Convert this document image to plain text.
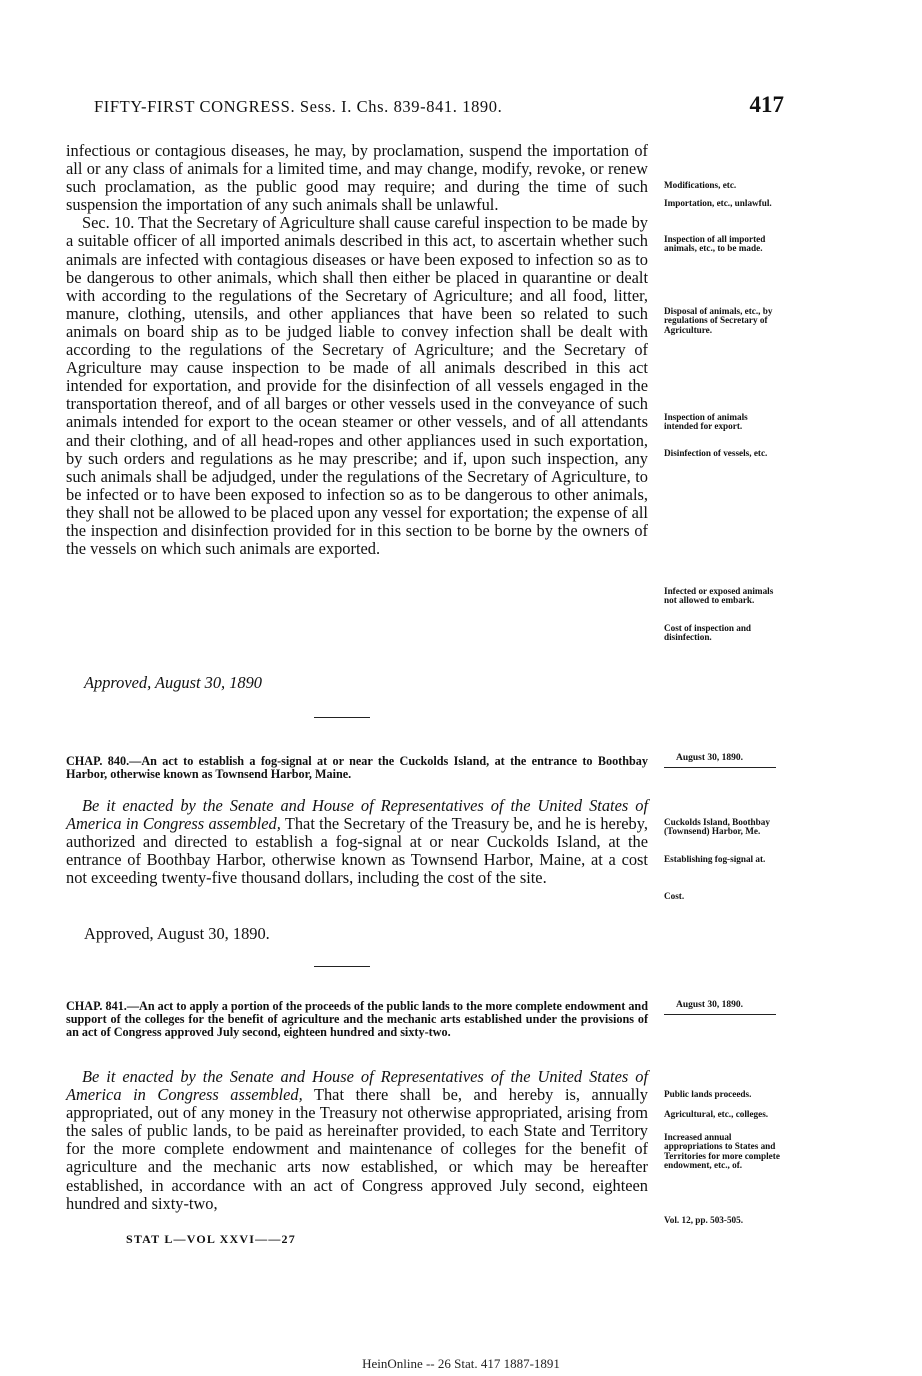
FIFTY-FIRST CONGRESS. Sess. I. Chs. 839-841. 1890.	417

infectious or contagious diseases, he may, by proclamation, suspend the importation of all or any class of animals for a limited time, and may change, modify, revoke, or renew such proclamation, as the public good may require; and during the time of such suspension the importation of any such animals shall be unlawful.

Sec. 10. That the Secretary of Agriculture shall cause careful inspection to be made by a suitable officer of all imported animals described in this act, to ascertain whether such animals are infected with contagious diseases or have been exposed to infection so as to be dangerous to other animals, which shall then either be placed in quarantine or dealt with according to the regulations of the Secretary of Agriculture; and all food, litter, manure, clothing, utensils, and other appliances that have been so related to such animals on board ship as to be judged liable to convey infection shall be dealt with according to the regulations of the Secretary of Agriculture; and the Secretary of Agriculture may cause inspection to be made of all animals described in this act intended for exportation, and provide for the disinfection of all vessels engaged in the transportation thereof, and of all barges or other vessels used in the conveyance of such animals intended for export to the ocean steamer or other vessels, and of all attendants and their clothing, and of all head-ropes and other appliances used in such exportation, by such orders and regulations as he may prescribe; and if, upon such inspection, any such animals shall be adjudged, under the regulations of the Secretary of Agriculture, to be infected or to have been exposed to infection so as to be dangerous to other animals, they shall not be allowed to be placed upon any vessel for exportation; the expense of all the inspection and disinfection provided for in this section to be borne by the owners of the vessels on which such animals are exported.

Approved, August 30, 1890
CHAP. 840.—An act to establish a fog-signal at or near the Cuckolds Island, at the entrance to Boothbay Harbor, otherwise known as Townsend Harbor, Maine.
August 30, 1890.

Be it enacted by the Senate and House of Representatives of the United States of America in Congress assembled, That the Secretary of the Treasury be, and he is hereby, authorized and directed to establish a fog-signal at or near Cuckolds Island, at the entrance of Boothbay Harbor, otherwise known as Townsend Harbor, Maine, at a cost not exceeding twenty-five thousand dollars, including the cost of the site.

Approved, August 30, 1890.
CHAP. 841.—An act to apply a portion of the proceeds of the public lands to the more complete endowment and support of the colleges for the benefit of agriculture and the mechanic arts established under the provisions of an act of Congress approved July second, eighteen hundred and sixty-two.
August 30, 1890.

Be it enacted by the Senate and House of Representatives of the United States of America in Congress assembled, That there shall be, and hereby is, annually appropriated, out of any money in the Treasury not otherwise appropriated, arising from the sales of public lands, to be paid as hereinafter provided, to each State and Territory for the more complete endowment and maintenance of colleges for the benefit of agriculture and the mechanic arts now established, or which may be hereafter established, in accordance with an act of Congress approved July second, eighteen hundred and sixty-two,

Modifications, etc.
Importation, etc., unlawful.
Inspection of all imported animals, etc., to be made.
Disposal of animals, etc., by regulations of Secretary of Agriculture.
Inspection of animals intended for export.
Disinfection of vessels, etc.
Infected or exposed animals not allowed to embark.
Cost of inspection and disinfection.
Cuckolds Island, Boothbay (Townsend) Harbor, Me.
Establishing fog-signal at.
Cost.
Public lands proceeds.
Agricultural, etc., colleges.
Increased annual appropriations to States and Territories for more complete endowment, etc., of.
Vol. 12, pp. 503-505.
STAT L—VOL XXVI——27
HeinOnline -- 26 Stat. 417 1887-1891
